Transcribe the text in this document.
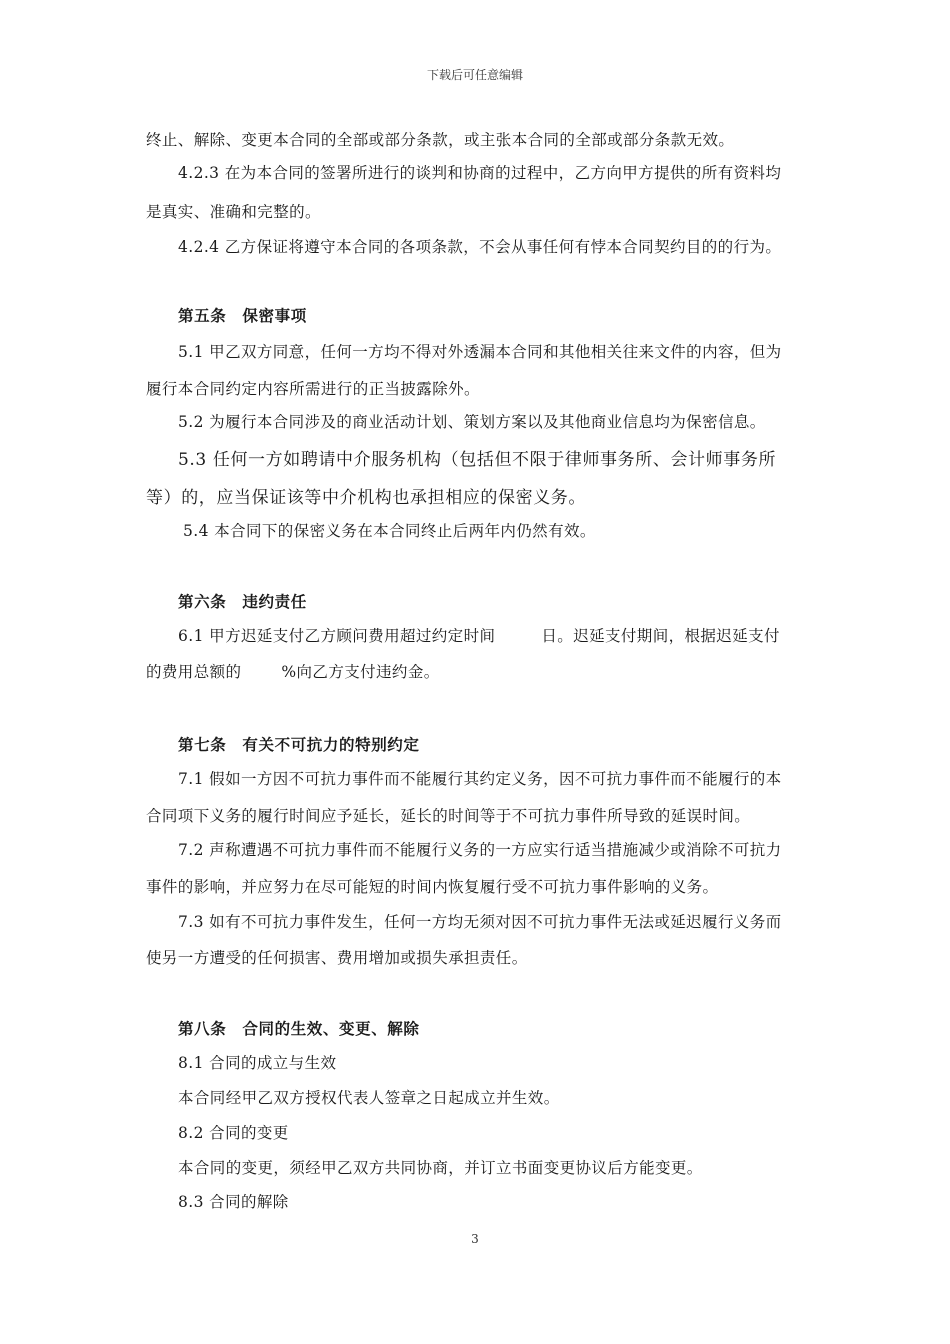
下载后可任意编辑
终止、解除、变更本合同的全部或部分条款，或主张本合同的全部或部分条款无效。
4.2.3 在为本合同的签署所进行的谈判和协商的过程中，乙方向甲方提供的所有资料均
是真实、准确和完整的。
4.2.4 乙方保证将遵守本合同的各项条款，不会从事任何有悖本合同契约目的的行为。
第五条　保密事项
5.1 甲乙双方同意，任何一方均不得对外透漏本合同和其他相关往来文件的内容，但为
履行本合同约定内容所需进行的正当披露除外。
5.2 为履行本合同涉及的商业活动计划、策划方案以及其他商业信息均为保密信息。
5.3 任何一方如聘请中介服务机构（包括但不限于律师事务所、会计师事务所
等）的，应当保证该等中介机构也承担相应的保密义务。
5.4 本合同下的保密义务在本合同终止后两年内仍然有效。
第六条　违约责任
6.1 甲方迟延支付乙方顾问费用超过约定时间	日。迟延支付期间，根据迟延支付
的费用总额的	%向乙方支付违约金。
第七条　有关不可抗力的特别约定
7.1 假如一方因不可抗力事件而不能履行其约定义务，因不可抗力事件而不能履行的本
合同项下义务的履行时间应予延长，延长的时间等于不可抗力事件所导致的延误时间。
7.2 声称遭遇不可抗力事件而不能履行义务的一方应实行适当措施减少或消除不可抗力
事件的影响，并应努力在尽可能短的时间内恢复履行受不可抗力事件影响的义务。
7.3 如有不可抗力事件发生，任何一方均无须对因不可抗力事件无法或延迟履行义务而
使另一方遭受的任何损害、费用增加或损失承担责任。
第八条　合同的生效、变更、解除
8.1 合同的成立与生效
本合同经甲乙双方授权代表人签章之日起成立并生效。
8.2 合同的变更
本合同的变更，须经甲乙双方共同协商，并订立书面变更协议后方能变更。
8.3 合同的解除
3
